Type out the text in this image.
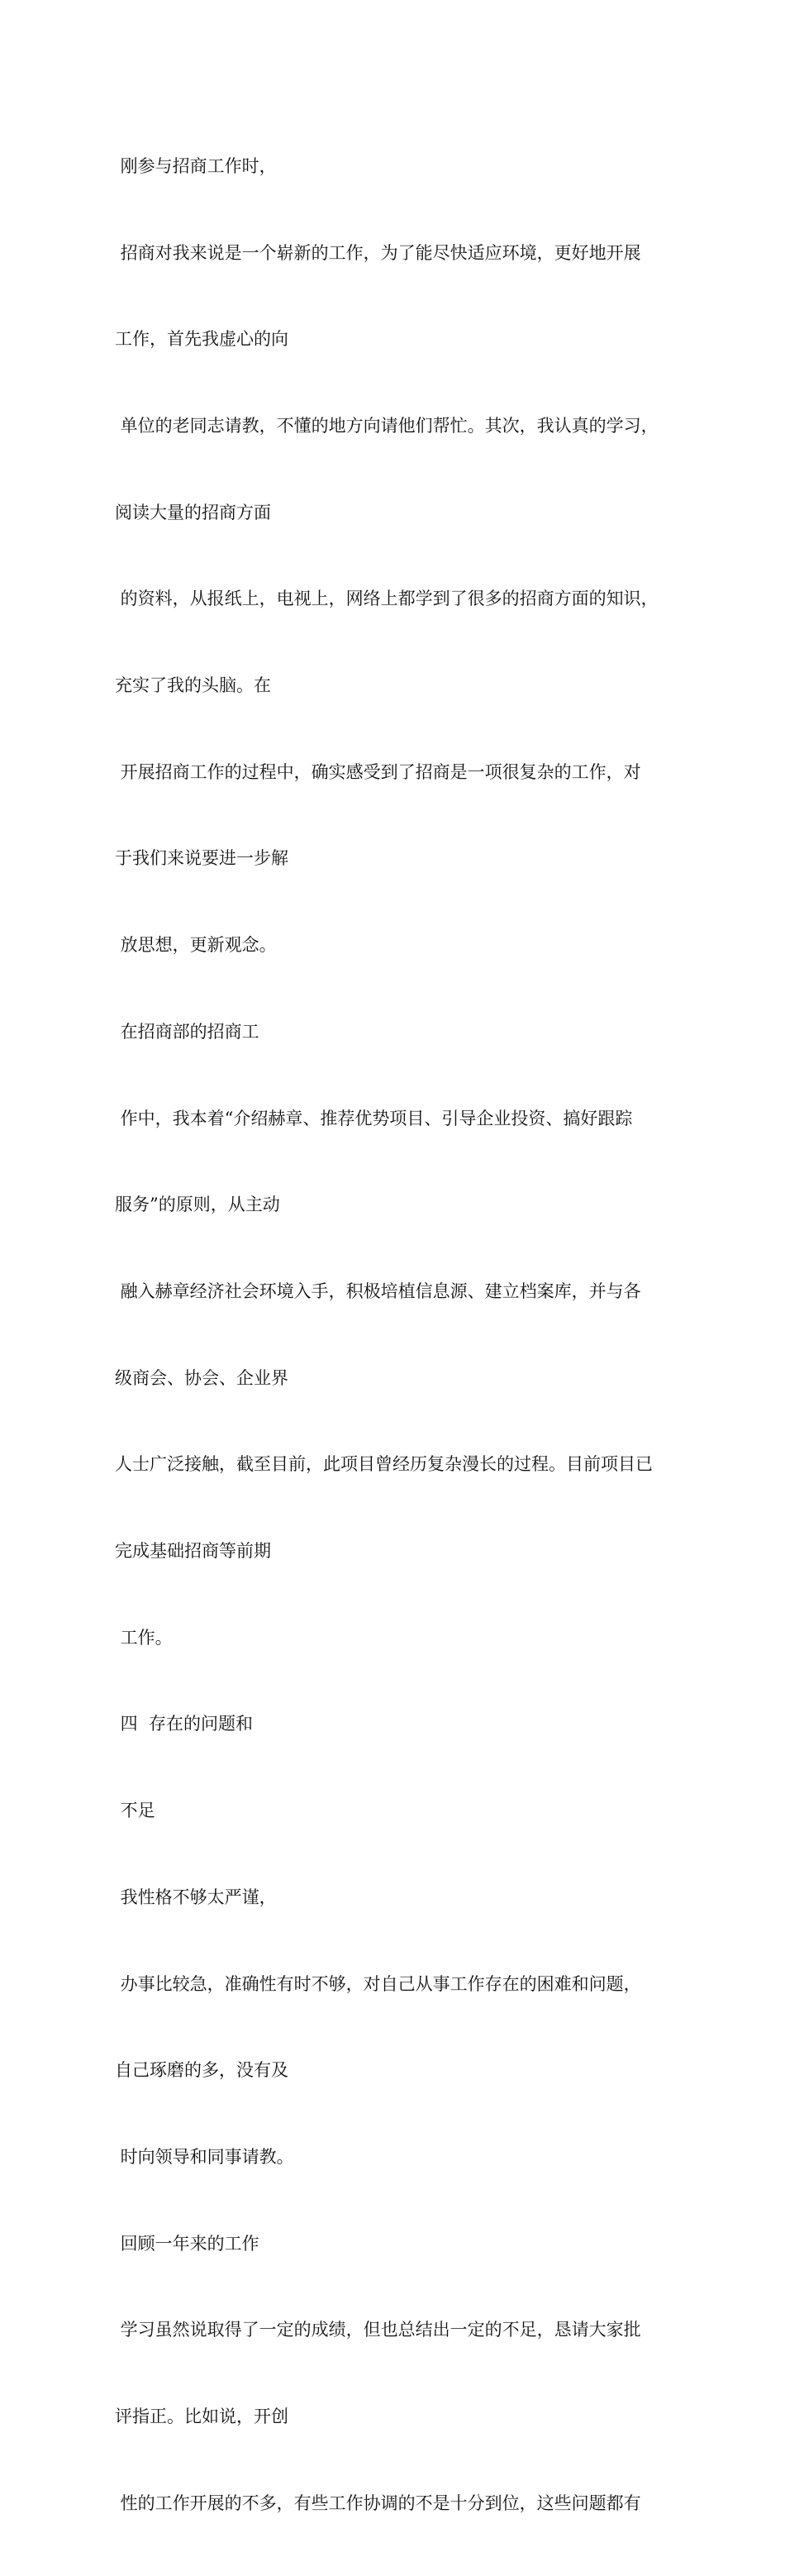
刚参与招商工作时，

招商对我来说是一个崭新的工作，为了能尽快适应环境，更好地开展

工作，首先我虚心的向

单位的老同志请教，不懂的地方向请他们帮忙。其次，我认真的学习，

阅读大量的招商方面

的资料，从报纸上，电视上，网络上都学到了很多的招商方面的知识，

充实了我的头脑。在

开展招商工作的过程中，确实感受到了招商是一项很复杂的工作，对

于我们来说要进一步解

放思想，更新观念。

在招商部的招商工

作中，我本着“介绍赫章、推荐优势项目、引导企业投资、搞好跟踪

服务”的原则，从主动

融入赫章经济社会环境入手，积极培植信息源、建立档案库，并与各

级商会、协会、企业界

人士广泛接触，截至目前，此项目曾经历复杂漫长的过程。目前项目已

完成基础招商等前期

工作。

四  存在的问题和

不足

我性格不够太严谨，

办事比较急，准确性有时不够，对自己从事工作存在的困难和问题，

自己琢磨的多，没有及

时向领导和同事请教。

回顾一年来的工作

学习虽然说取得了一定的成绩，但也总结出一定的不足，恳请大家批

评指正。比如说，开创

性的工作开展的不多，有些工作协调的不是十分到位，这些问题都有
